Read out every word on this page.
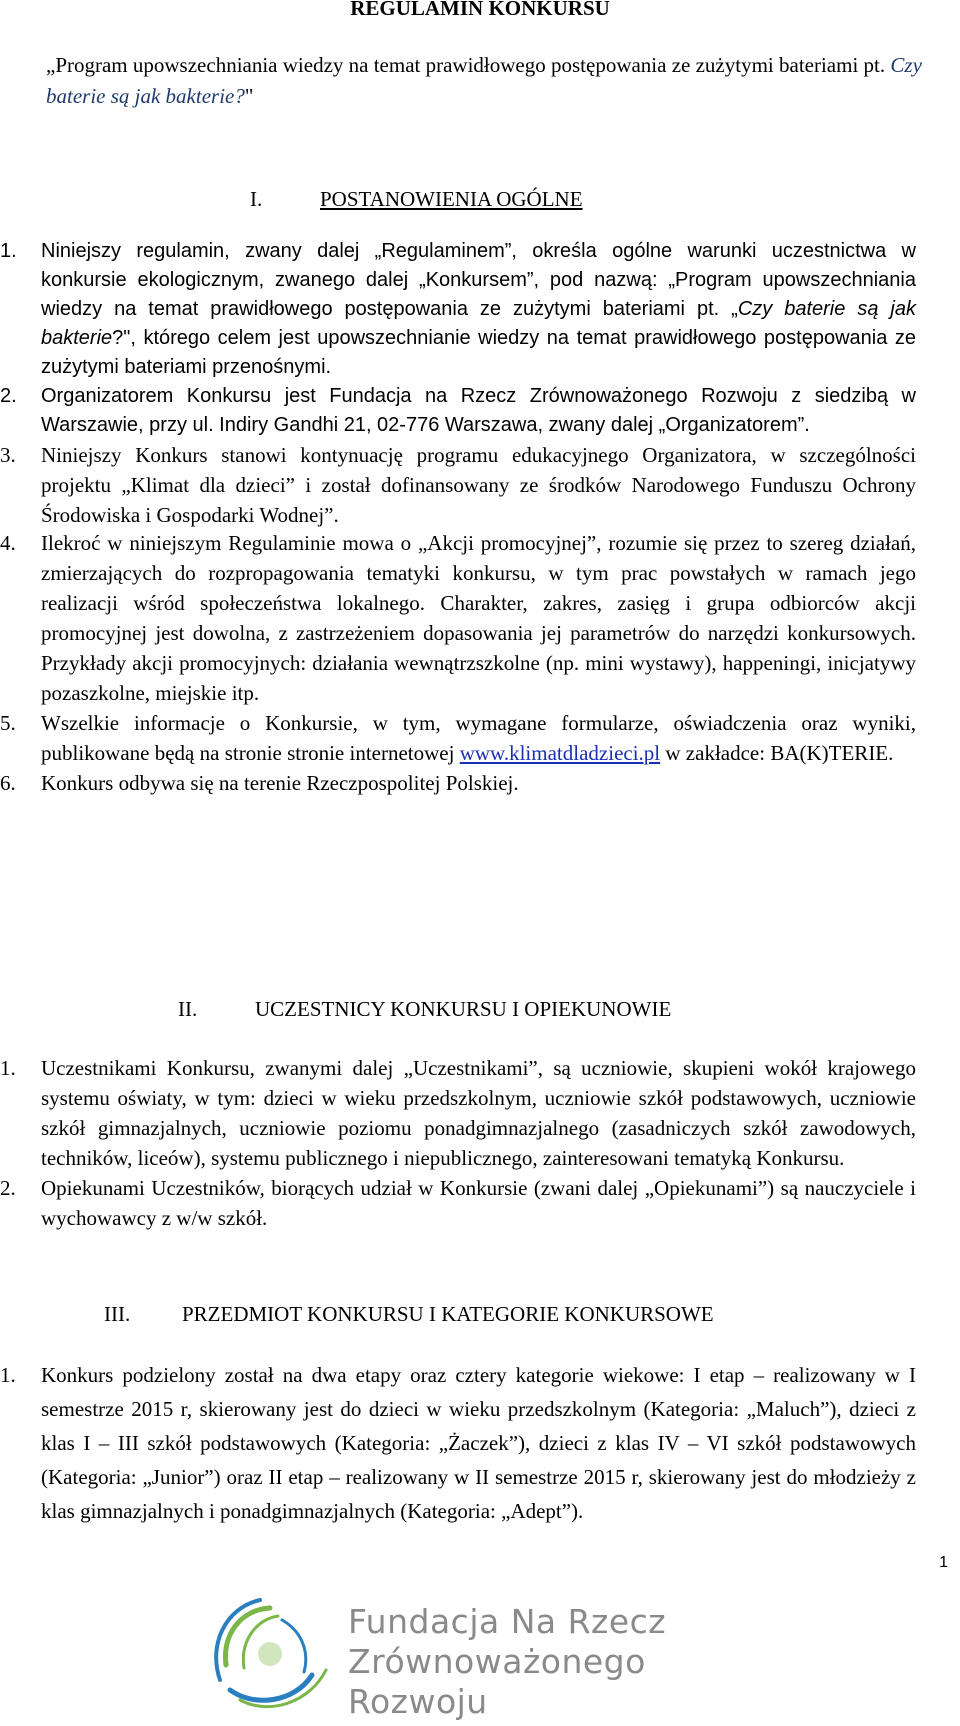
REGULAMIN KONKURSU
„Program upowszechniania wiedzy na temat prawidłowego postępowania ze zużytymi bateriami pt. Czy baterie są jak bakterie?"
I.	POSTANOWIENIA OGÓLNE
1. Niniejszy regulamin, zwany dalej „Regulaminem”, określa ogólne warunki uczestnictwa w konkursie ekologicznym, zwanego dalej „Konkursem”, pod nazwą: „Program upowszechniania wiedzy na temat prawidłowego postępowania ze zużytymi bateriami pt. „Czy baterie są jak bakterie?", którego celem jest upowszechnianie wiedzy na temat prawidłowego postępowania ze zużytymi bateriami przenośnymi.
2. Organizatorem Konkursu jest Fundacja na Rzecz Zrównoważonego Rozwoju z siedzibą w Warszawie, przy ul. Indiry Gandhi 21, 02-776 Warszawa, zwany dalej „Organizatorem”.
3. Niniejszy Konkurs stanowi kontynuację programu edukacyjnego Organizatora, w szczególności projektu „Klimat dla dzieci” i został dofinansowany ze środków Narodowego Funduszu Ochrony Środowiska i Gospodarki Wodnej”.
4. Ilekroć w niniejszym Regulaminie mowa o „Akcji promocyjnej”, rozumie się przez to szereg działań, zmierzających do rozpropagowania tematyki konkursu, w tym prac powstałych w ramach jego realizacji wśród społeczeństwa lokalnego. Charakter, zakres, zasięg i grupa odbiorców akcji promocyjnej jest dowolna, z zastrzeżeniem dopasowania jej parametrów do narzędzi konkursowych. Przykłady akcji promocyjnych: działania wewnątrzszkolne (np. mini wystawy), happeningi, inicjatywy pozaszkolne, miejskie itp.
5. Wszelkie informacje o Konkursie, w tym, wymagane formularze, oświadczenia oraz wyniki, publikowane będą na stronie stronie internetowej www.klimatdladzieci.pl w zakładce: BA(K)TERIE.
6. Konkurs odbywa się na terenie Rzeczpospolitej Polskiej.
II.	UCZESTNICY KONKURSU I OPIEKUNOWIE
1. Uczestnikami Konkursu, zwanymi dalej „Uczestnikami”, są uczniowie, skupieni wokół krajowego systemu oświaty, w tym: dzieci w wieku przedszkolnym, uczniowie szkół podstawowych, uczniowie szkół gimnazjalnych, uczniowie poziomu ponadgimnazjalnego (zasadniczych szkół zawodowych, techników, liceów), systemu publicznego i niepublicznego, zainteresowani tematyką Konkursu.
2. Opiekunami Uczestników, biorących udział w Konkursie (zwani dalej „Opiekunami”) są nauczyciele i wychowawcy z w/w szkół.
III. PRZEDMIOT KONKURSU I KATEGORIE KONKURSOWE
1. Konkurs podzielony został na dwa etapy oraz cztery kategorie wiekowe: I etap – realizowany w I semestrze 2015 r, skierowany jest do dzieci w wieku przedszkolnym (Kategoria: „Maluch”), dzieci z klas I – III szkół podstawowych (Kategoria: „Żaczek”), dzieci z klas IV – VI szkół podstawowych (Kategoria: „Junior”) oraz II etap – realizowany w II semestrze 2015 r, skierowany jest do młodzieży z klas gimnazjalnych i ponadgimnazjalnych (Kategoria: „Adept”).
1
Fundacja Na Rzecz
Zrównoważonego Rozwoju
